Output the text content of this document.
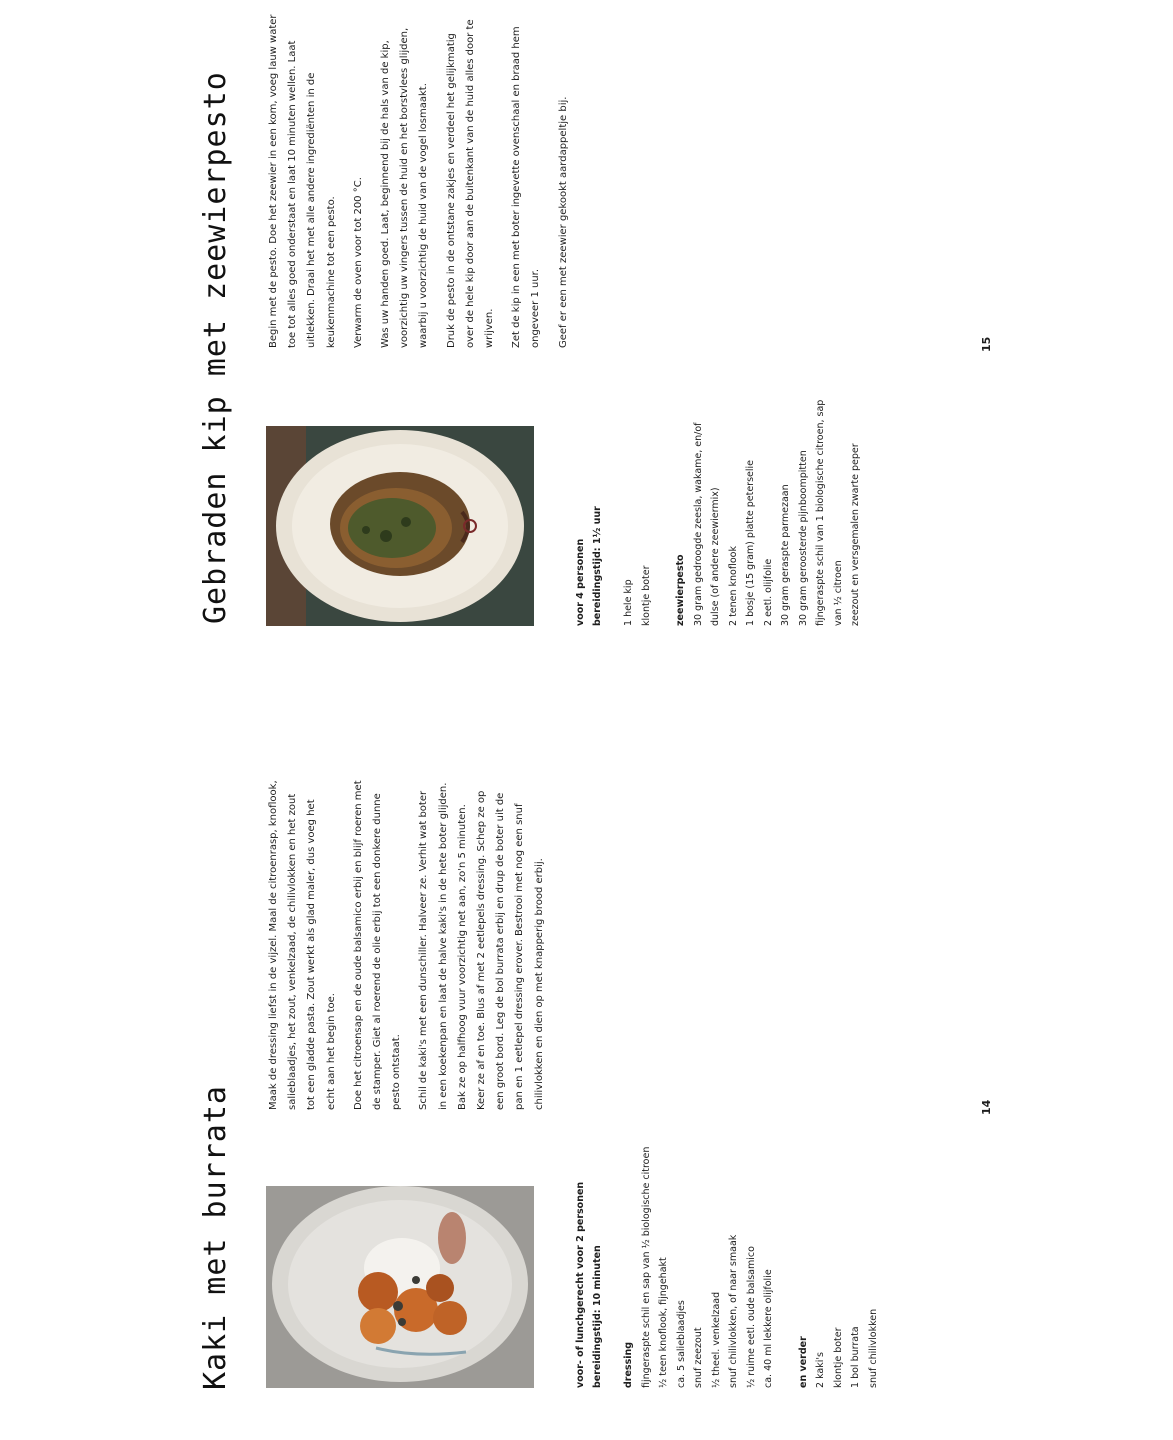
Kaki met burrata	voor- of lunchgerecht voor 2 personen bereidingstijd: 10 minuten	dressing fijngeraspte schil en sap van ½ biologische citroen ½ teen knoflook, fijngehakt ca. 5 salieblaadjes snuf zeezout ½ theel. venkelzaad snuf chilivlokken, of naar smaak ½ ruime eetl. oude balsamico ca. 40 ml lekkere olijfolie	en verder 2 kaki's klontje boter 1 bol burrata snuf chilivlokken

Maak de dressing liefst in de vijzel. Maal de citroenrasp, knoflook, salieblaadjes, het zout, venkelzaad, de chilivlokken en het zout tot een gladde pasta. Zout werkt als glad maler, dus voeg het echt aan het begin toe.	Doe het citroensap en de oude balsamico erbij en blijf roeren met de stamper. Giet al roerend de olie erbij tot een donkere dunne pesto ontstaat.	Schil de kaki's met een dunschiller. Halveer ze. Verhit wat boter in een koekenpan en laat de halve kaki's in de hete boter glijden. Bak ze op halfhoog vuur voorzichtig net aan, zo'n 5 minuten. Keer ze af en toe. Blus af met 2 eetlepels dressing. Schep ze op een groot bord. Leg de bol burrata erbij en drup de boter uit de pan en 1 eetlepel dressing erover. Bestrooi met nog een snuf chilivlokken en dien op met knapperig brood erbij.	14
Gebraden kip met zeewierpesto	voor 4 personen bereidingstijd: 1½ uur	1 hele kip klontje boter	zeewierpesto 30 gram gedroogde zeesla, wakame, en/of dulse (of andere zeewiermix) 2 tenen knoflook 1 bosje (15 gram) platte peterselie 2 eetl. olijfolie 30 gram geraspte parmezaan 30 gram geroosterde pijnboompitten fijngeraspte schil van 1 biologische citroen, sap van ½ citroen zeezout en versgemalen zwarte peper

Begin met de pesto. Doe het zeewier in een kom, voeg lauw water toe tot alles goed onderstaat en laat 10 minuten wellen. Laat uitlekken. Draai het met alle andere ingrediënten in de keukenmachine tot een pesto.	Verwarm de oven voor tot 200 °C.	Was uw handen goed. Laat, beginnend bij de hals van de kip, voorzichtig uw vingers tussen de huid en het borstvlees glijden, waarbij u voorzichtig de huid van de vogel losmaakt.	Druk de pesto in de ontstane zakjes en verdeel het gelijkmatig over de hele kip door aan de buitenkant van de huid alles door te wrijven.	Zet de kip in een met boter ingevette ovenschaal en braad hem ongeveer 1 uur.	Geef er een met zeewier gekookt aardappeltje bij.	15
